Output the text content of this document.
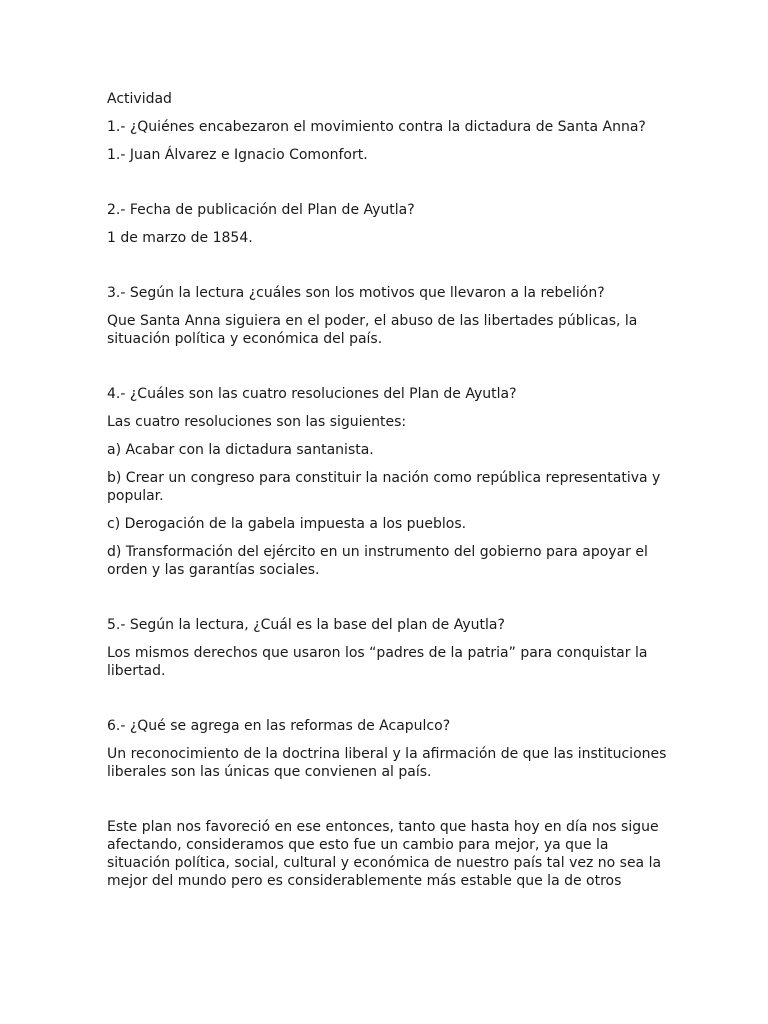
Actividad

1.- ¿Quiénes encabezaron el movimiento contra la dictadura de Santa Anna?

1.- Juan Álvarez e Ignacio Comonfort.

2.- Fecha de publicación del Plan de Ayutla?

1 de marzo de 1854.

3.- Según la lectura ¿cuáles son los motivos que llevaron a la rebelión?

Que Santa Anna siguiera en el poder, el abuso de las libertades públicas, la situación política y económica del país.

4.- ¿Cuáles son las cuatro resoluciones del Plan de Ayutla?

Las cuatro resoluciones son las siguientes:

a) Acabar con la dictadura santanista.

b) Crear un congreso para constituir la nación como república representativa y popular.

c) Derogación de la gabela impuesta a los pueblos.

d) Transformación del ejército en un instrumento del gobierno para apoyar el orden y las garantías sociales.

5.- Según la lectura, ¿Cuál es la base del plan de Ayutla?

Los mismos derechos que usaron los “padres de la patria” para conquistar la libertad.

6.- ¿Qué se agrega en las reformas de Acapulco?

Un reconocimiento de la doctrina liberal y la afirmación de que las instituciones liberales son las únicas que convienen al país.

Este plan nos favoreció en ese entonces, tanto que hasta hoy en día nos sigue afectando, consideramos que esto fue un cambio para mejor, ya que la situación política, social, cultural y económica de nuestro país tal vez no sea la mejor del mundo pero es considerablemente más estable que la de otros
